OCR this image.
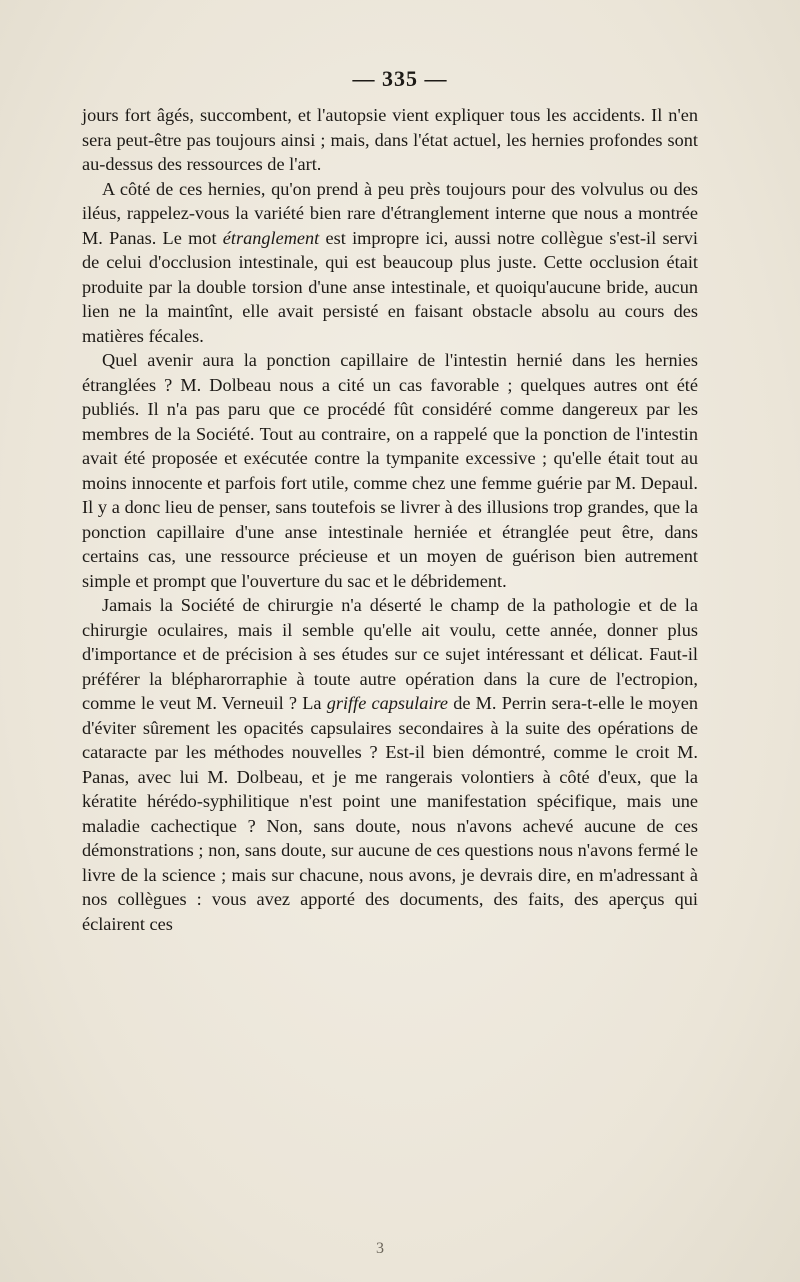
— 335 —

jours fort âgés, succombent, et l'autopsie vient expliquer tous les accidents. Il n'en sera peut-être pas toujours ainsi ; mais, dans l'état actuel, les hernies profondes sont au-dessus des ressources de l'art.

A côté de ces hernies, qu'on prend à peu près toujours pour des volvulus ou des iléus, rappelez-vous la variété bien rare d'étranglement interne que nous a montrée M. Panas. Le mot étranglement est impropre ici, aussi notre collègue s'est-il servi de celui d'occlusion intestinale, qui est beaucoup plus juste. Cette occlusion était produite par la double torsion d'une anse intestinale, et quoiqu'aucune bride, aucun lien ne la maintînt, elle avait persisté en faisant obstacle absolu au cours des matières fécales.

Quel avenir aura la ponction capillaire de l'intestin hernié dans les hernies étranglées ? M. Dolbeau nous a cité un cas favorable ; quelques autres ont été publiés. Il n'a pas paru que ce procédé fût considéré comme dangereux par les membres de la Société. Tout au contraire, on a rappelé que la ponction de l'intestin avait été proposée et exécutée contre la tympanite excessive ; qu'elle était tout au moins innocente et parfois fort utile, comme chez une femme guérie par M. Depaul. Il y a donc lieu de penser, sans toutefois se livrer à des illusions trop grandes, que la ponction capillaire d'une anse intestinale herniée et étranglée peut être, dans certains cas, une ressource précieuse et un moyen de guérison bien autrement simple et prompt que l'ouverture du sac et le débridement.

Jamais la Société de chirurgie n'a déserté le champ de la pathologie et de la chirurgie oculaires, mais il semble qu'elle ait voulu, cette année, donner plus d'importance et de précision à ses études sur ce sujet intéressant et délicat. Faut-il préférer la blépharorraphie à toute autre opération dans la cure de l'ectropion, comme le veut M. Verneuil ? La griffe capsulaire de M. Perrin sera-t-elle le moyen d'éviter sûrement les opacités capsulaires secondaires à la suite des opérations de cataracte par les méthodes nouvelles ? Est-il bien démontré, comme le croit M. Panas, avec lui M. Dolbeau, et je me rangerais volontiers à côté d'eux, que la kératite hérédo-syphilitique n'est point une manifestation spécifique, mais une maladie cachectique ? Non, sans doute, nous n'avons achevé aucune de ces démonstrations ; non, sans doute, sur aucune de ces questions nous n'avons fermé le livre de la science ; mais sur chacune, nous avons, je devrais dire, en m'adressant à nos collègues : vous avez apporté des documents, des faits, des aperçus qui éclairent ces

3
